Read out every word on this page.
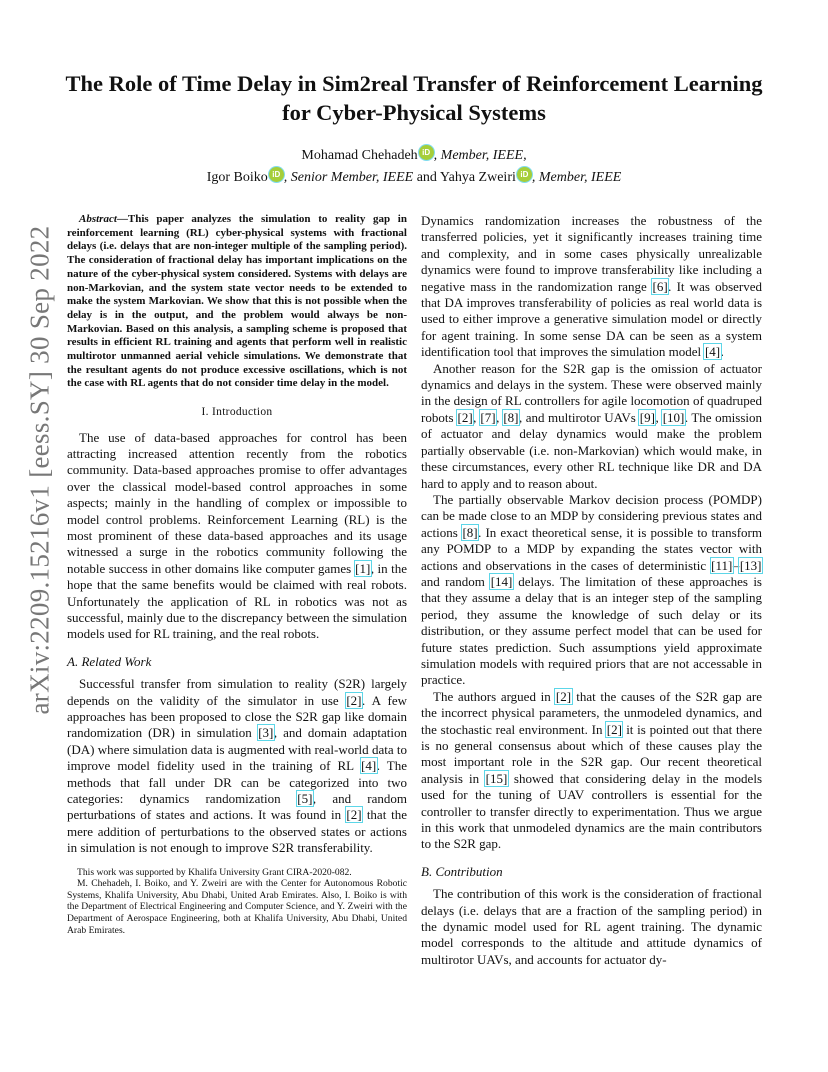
arXiv:2209.15216v1 [eess.SY] 30 Sep 2022
The Role of Time Delay in Sim2real Transfer of Reinforcement Learning for Cyber-Physical Systems
Mohamad Chehadeh iD , Member, IEEE,
Igor Boiko iD , Senior Member, IEEE and Yahya Zweiri iD , Member, IEEE

Abstract—This paper analyzes the simulation to reality gap in reinforcement learning (RL) cyber-physical systems with fractional delays (i.e. delays that are non-integer multiple of the sampling period). The consideration of fractional delay has important implications on the nature of the cyber-physical system considered. Systems with delays are non-Markovian, and the system state vector needs to be extended to make the system Markovian. We show that this is not possible when the delay is in the output, and the problem would always be non-Markovian. Based on this analysis, a sampling scheme is proposed that results in efficient RL training and agents that perform well in realistic multirotor unmanned aerial vehicle simulations. We demonstrate that the resultant agents do not produce excessive oscillations, which is not the case with RL agents that do not consider time delay in the model.

I. Introduction

The use of data-based approaches for control has been attracting increased attention recently from the robotics community. Data-based approaches promise to offer advantages over the classical model-based control approaches in some aspects; mainly in the handling of complex or impossible to model control problems. Reinforcement Learning (RL) is the most prominent of these data-based approaches and its usage witnessed a surge in the robotics community following the notable success in other domains like computer games [1], in the hope that the same benefits would be claimed with real robots. Unfortunately the application of RL in robotics was not as successful, mainly due to the discrepancy between the simulation models used for RL training, and the real robots.

A. Related Work

Successful transfer from simulation to reality (S2R) largely depends on the validity of the simulator in use [2]. A few approaches has been proposed to close the S2R gap like domain randomization (DR) in simulation [3], and domain adaptation (DA) where simulation data is augmented with real-world data to improve model fidelity used in the training of RL [4]. The methods that fall under DR can be categorized into two categories: dynamics randomization [5], and random perturbations of states and actions. It was found in [2] that the mere addition of perturbations to the observed states or actions in simulation is not enough to improve S2R transferability.

This work was supported by Khalifa University Grant CIRA-2020-082.

M. Chehadeh, I. Boiko, and Y. Zweiri are with the Center for Autonomous Robotic Systems, Khalifa University, Abu Dhabi, United Arab Emirates. Also, I. Boiko is with the Department of Electrical Engineering and Computer Science, and Y. Zweiri with the Department of Aerospace Engineering, both at Khalifa University, Abu Dhabi, United Arab Emirates.

Dynamics randomization increases the robustness of the transferred policies, yet it significantly increases training time and complexity, and in some cases physically unrealizable dynamics were found to improve transferability like including a negative mass in the randomization range [6]. It was observed that DA improves transferability of policies as real world data is used to either improve a generative simulation model or directly for agent training. In some sense DA can be seen as a system identification tool that improves the simulation model [4].

Another reason for the S2R gap is the omission of actuator dynamics and delays in the system. These were observed mainly in the design of RL controllers for agile locomotion of quadruped robots [2], [7], [8], and multirotor UAVs [9], [10]. The omission of actuator and delay dynamics would make the problem partially observable (i.e. non-Markovian) which would make, in these circumstances, every other RL technique like DR and DA hard to apply and to reason about.

The partially observable Markov decision process (POMDP) can be made close to an MDP by considering previous states and actions [8]. In exact theoretical sense, it is possible to transform any POMDP to a MDP by expanding the states vector with actions and observations in the cases of deterministic [11]–[13] and random [14] delays. The limitation of these approaches is that they assume a delay that is an integer step of the sampling period, they assume the knowledge of such delay or its distribution, or they assume perfect model that can be used for future states prediction. Such assumptions yield approximate simulation models with required priors that are not accessable in practice.

The authors argued in [2] that the causes of the S2R gap are the incorrect physical parameters, the unmodeled dynamics, and the stochastic real environment. In [2] it is pointed out that there is no general consensus about which of these causes play the most important role in the S2R gap. Our recent theoretical analysis in [15] showed that considering delay in the models used for the tuning of UAV controllers is essential for the controller to transfer directly to experimentation. Thus we argue in this work that unmodeled dynamics are the main contributors to the S2R gap.

B. Contribution

The contribution of this work is the consideration of fractional delays (i.e. delays that are a fraction of the sampling period) in the dynamic model used for RL agent training. The dynamic model corresponds to the altitude and attitude dynamics of multirotor UAVs, and accounts for actuator dy-
